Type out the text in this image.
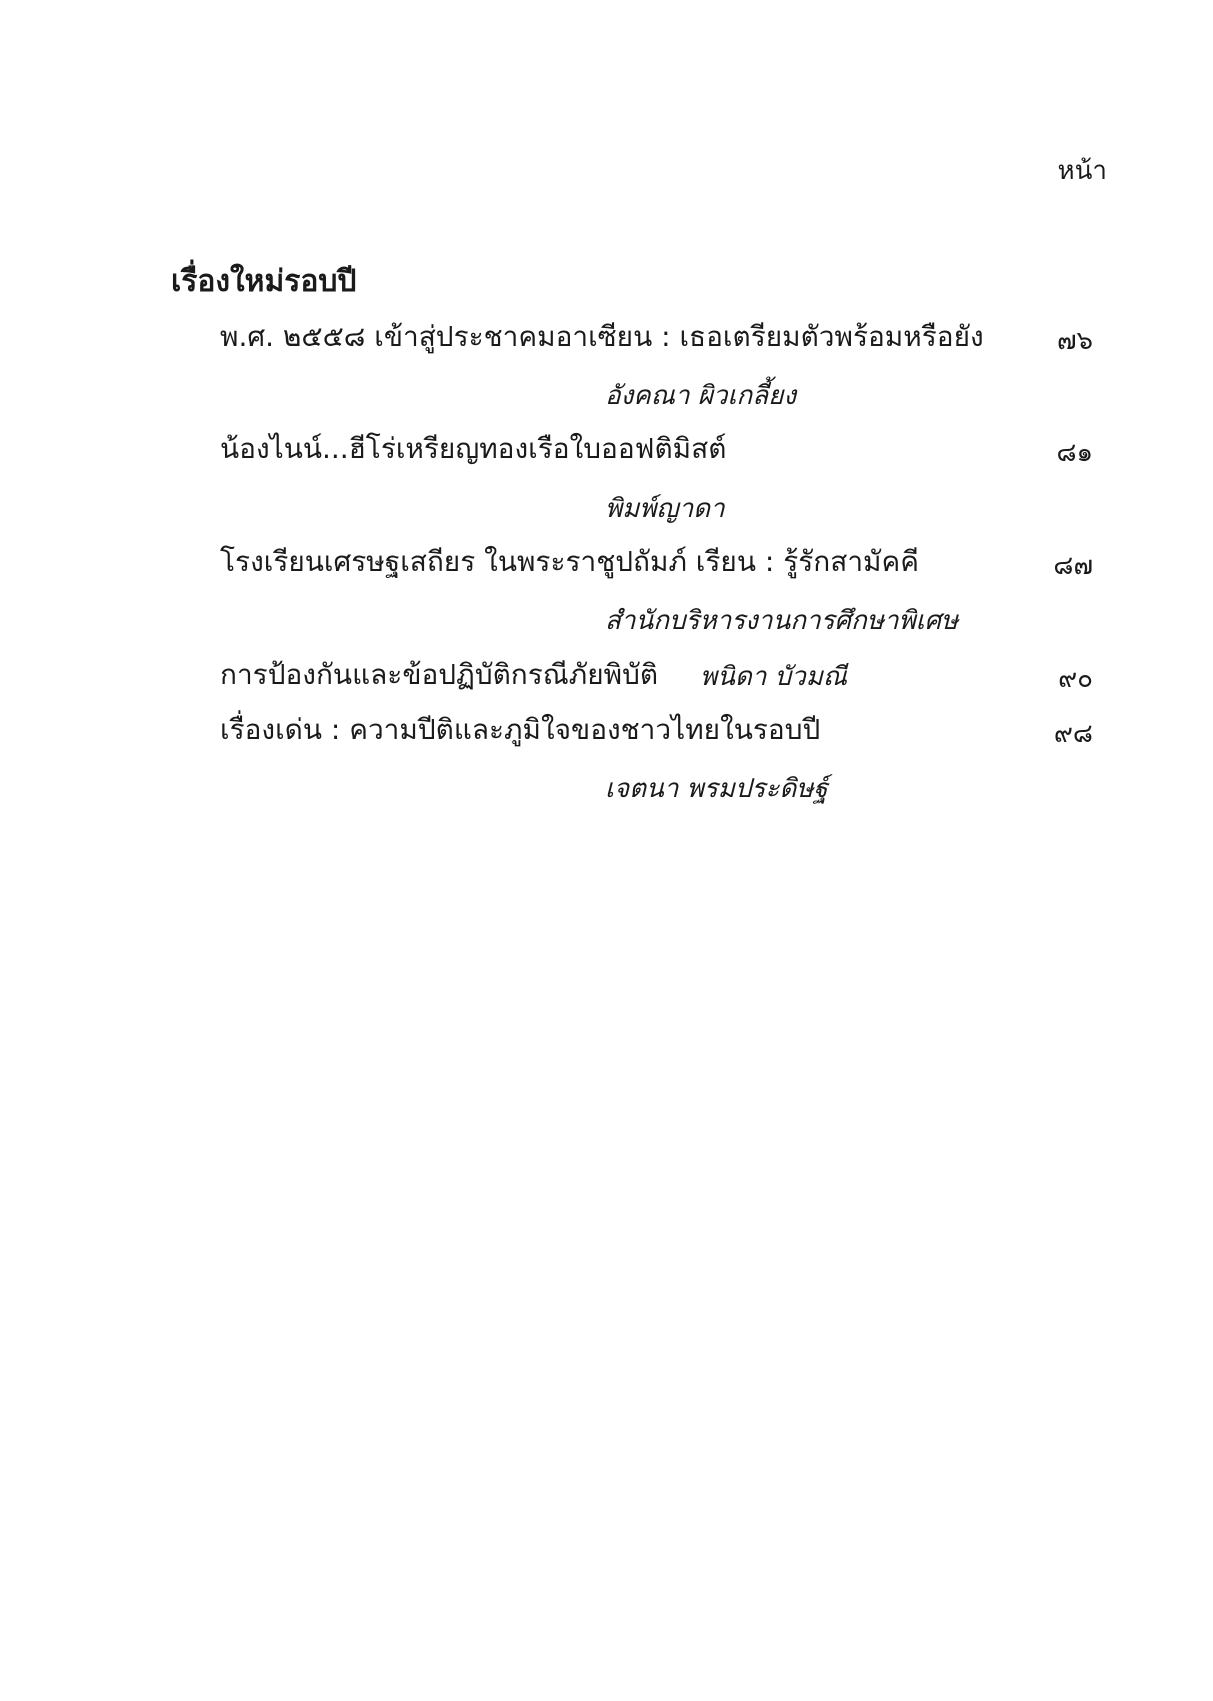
หน้า
เรื่องใหม่รอบปี
พ.ศ. ๒๕๕๘ เข้าสู่ประชาคมอาเซียน : เธอเตรียมตัวพร้อมหรือยัง	๗๖
อังคณา ผิวเกลี้ยง
น้องไนน์...ฮีโร่เหรียญทองเรือใบออฟติมิสต์	๘๑
พิมพ์ญาดา
โรงเรียนเศรษฐเสถียร ในพระราชูปถัมภ์ เรียน : รู้รักสามัคคี	๘๗
สำนักบริหารงานการศึกษาพิเศษ
การป้องกันและข้อปฏิบัติกรณีภัยพิบัติ พนิดา บัวมณี	๙๐
เรื่องเด่น : ความปีติและภูมิใจของชาวไทยในรอบปี	๙๘
เจตนา พรมประดิษฐ์
